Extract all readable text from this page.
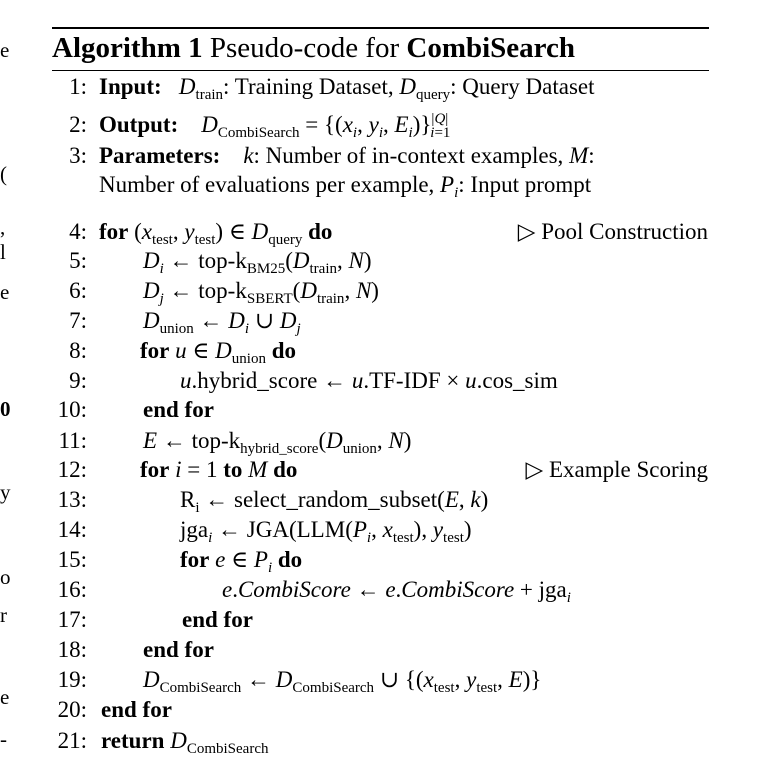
e
(
,
l
e
0
y
o
r
e
-
Algorithm 1 Pseudo-code for CombiSearch
1: Input: $D_{train}$: Training Dataset, $D_{query}$: Query Dataset
2: Output: $D_{CombiSearch} = \{(x_i$, $y_i$, $E_i)\}^{|Q|}_{i=1}$
3: Parameters: k: Number of in-context examples, M:
Number of evaluations per example, $P_i$: Input prompt
4: for ($x_{test}$, $y_{test}$) ∈ $D_{query}$ do	▷ Pool Construction
5: $D_i$ ← top-$k_{BM25}(D_{train}$, N)
6: $D_j$ ← top-$k_{SBERT}(D_{train}$, N)
7: $D_{union}$ ← $D_i$ ∪ $D_j$
8: for u ∈ $D_{union}$ do
9:	u.hybrid_score ← u.TF-IDF × u.cos_sim
10: end for
11: E ← top-$k_{hybrid\_score}(D_{union}$, N)
12: for i = 1 to M do	▷ Example Scoring
13:	$R_i$ ← select_random_subset(E, k)
14:	jga$_i$ ← $JGA(LLM(P_i$, $x_{test}$), $y_{test}$)
15:	for e ∈ $P_i$ do
16:	e.CombiScore ← e.CombiScore + jga$_i$
17:	end for
18: end for
19: $D_{CombiSearch}$ ← $D_{CombiSearch}$ ∪ {($x_{test}$, $y_{test}$, E)}
20: end for
21: return $D_{CombiSearch}$
